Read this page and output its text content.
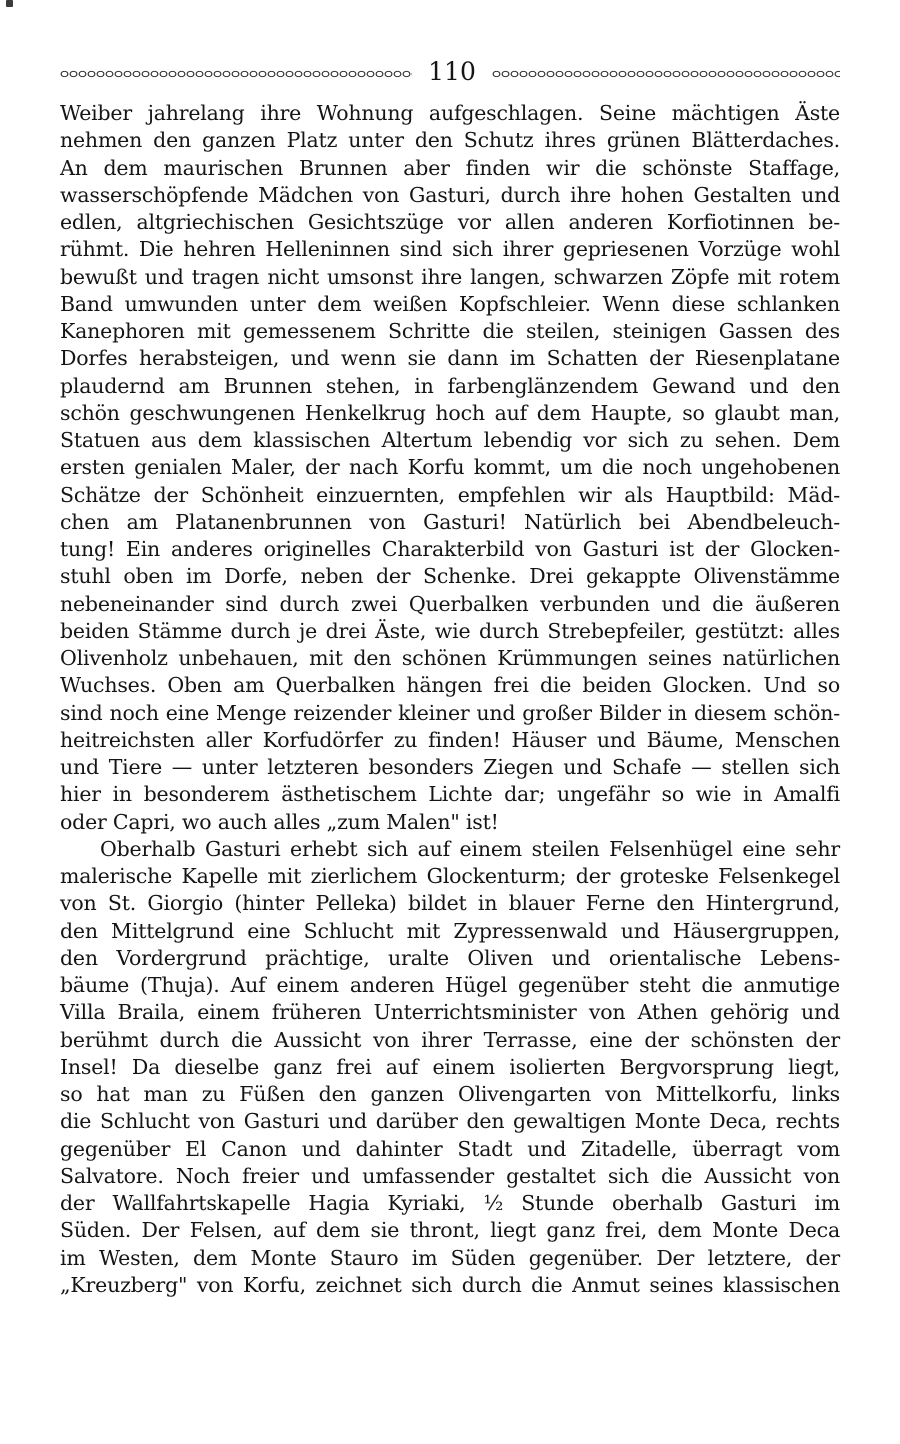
110
Weiber jahrelang ihre Wohnung aufgeschlagen. Seine mächtigen Äste
nehmen den ganzen Platz unter den Schutz ihres grünen Blätterdaches.
An dem maurischen Brunnen aber finden wir die schönste Staffage,
wasserschöpfende Mädchen von Gasturi, durch ihre hohen Gestalten und
edlen, altgriechischen Gesichtszüge vor allen anderen Korfiotinnen be-
rühmt. Die hehren Helleninnen sind sich ihrer gepriesenen Vorzüge wohl
bewußt und tragen nicht umsonst ihre langen, schwarzen Zöpfe mit rotem
Band umwunden unter dem weißen Kopfschleier. Wenn diese schlanken
Kanephoren mit gemessenem Schritte die steilen, steinigen Gassen des
Dorfes herabsteigen, und wenn sie dann im Schatten der Riesenplatane
plaudernd am Brunnen stehen, in farbenglänzendem Gewand und den
schön geschwungenen Henkelkrug hoch auf dem Haupte, so glaubt man,
Statuen aus dem klassischen Altertum lebendig vor sich zu sehen. Dem
ersten genialen Maler, der nach Korfu kommt, um die noch ungehobenen
Schätze der Schönheit einzuernten, empfehlen wir als Hauptbild: Mäd-
chen am Platanenbrunnen von Gasturi! Natürlich bei Abendbeleuch-
tung! Ein anderes originelles Charakterbild von Gasturi ist der Glocken-
stuhl oben im Dorfe, neben der Schenke. Drei gekappte Olivenstämme
nebeneinander sind durch zwei Querbalken verbunden und die äußeren
beiden Stämme durch je drei Äste, wie durch Strebepfeiler, gestützt: alles
Olivenholz unbehauen, mit den schönen Krümmungen seines natürlichen
Wuchses. Oben am Querbalken hängen frei die beiden Glocken. Und so
sind noch eine Menge reizender kleiner und großer Bilder in diesem schön-
heitreichsten aller Korfudörfer zu finden! Häuser und Bäume, Menschen
und Tiere — unter letzteren besonders Ziegen und Schafe — stellen sich
hier in besonderem ästhetischem Lichte dar; ungefähr so wie in Amalfi
oder Capri, wo auch alles „zum Malen" ist!
Oberhalb Gasturi erhebt sich auf einem steilen Felsenhügel eine sehr
malerische Kapelle mit zierlichem Glockenturm; der groteske Felsenkegel
von St. Giorgio (hinter Pelleka) bildet in blauer Ferne den Hintergrund,
den Mittelgrund eine Schlucht mit Zypressenwald und Häusergruppen,
den Vordergrund prächtige, uralte Oliven und orientalische Lebens-
bäume (Thuja). Auf einem anderen Hügel gegenüber steht die anmutige
Villa Braila, einem früheren Unterrichtsminister von Athen gehörig und
berühmt durch die Aussicht von ihrer Terrasse, eine der schönsten der
Insel! Da dieselbe ganz frei auf einem isolierten Bergvorsprung liegt,
so hat man zu Füßen den ganzen Olivengarten von Mittelkorfu, links
die Schlucht von Gasturi und darüber den gewaltigen Monte Deca, rechts
gegenüber El Canon und dahinter Stadt und Zitadelle, überragt vom
Salvatore. Noch freier und umfassender gestaltet sich die Aussicht von
der Wallfahrtskapelle Hagia Kyriaki, ½ Stunde oberhalb Gasturi im
Süden. Der Felsen, auf dem sie thront, liegt ganz frei, dem Monte Deca
im Westen, dem Monte Stauro im Süden gegenüber. Der letztere, der
„Kreuzberg" von Korfu, zeichnet sich durch die Anmut seines klassischen
